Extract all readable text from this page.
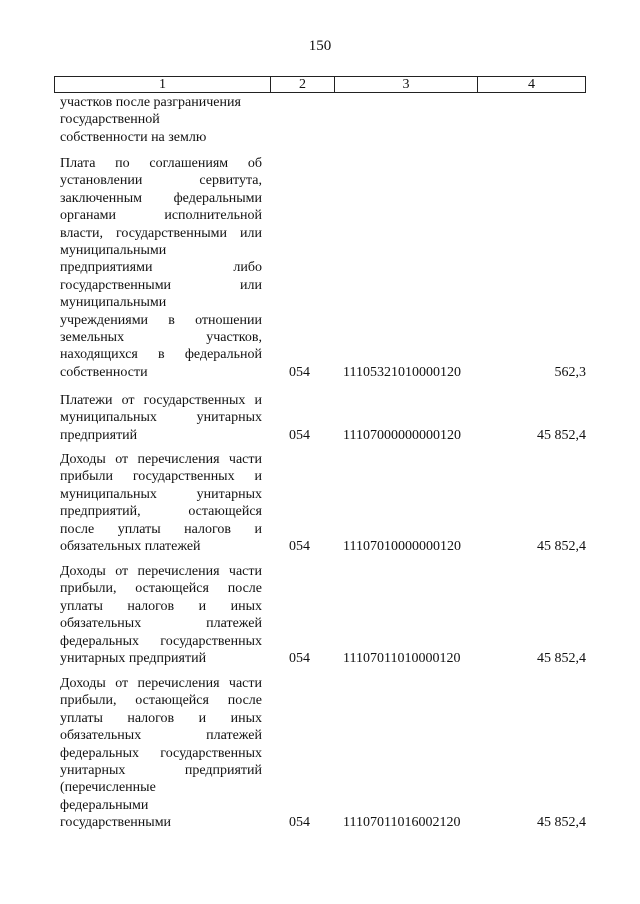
150
1	2	3	4
участков после разграничения
государственной
собственности на землю
Плата по соглашениям об
установлении сервитута,
заключенным федеральными
органами исполнительной
власти, государственными или
муниципальными
предприятиями либо
государственными или
муниципальными
учреждениями в отношении
земельных участков,
находящихся в федеральной
собственности	054 11105321010000120	562,3
Платежи от государственных и
муниципальных унитарных
предприятий	054 11107000000000120	45 852,4
Доходы от перечисления части
прибыли государственных и
муниципальных унитарных
предприятий, остающейся
после уплаты налогов и
обязательных платежей	054 11107010000000120	45 852,4
Доходы от перечисления части
прибыли, остающейся после
уплаты налогов и иных
обязательных платежей
федеральных государственных
унитарных предприятий	054 11107011010000120	45 852,4
Доходы от перечисления части
прибыли, остающейся после
уплаты налогов и иных
обязательных платежей
федеральных государственных
унитарных предприятий
(перечисленные
федеральными
государственными	054 11107011016002120	45 852,4
